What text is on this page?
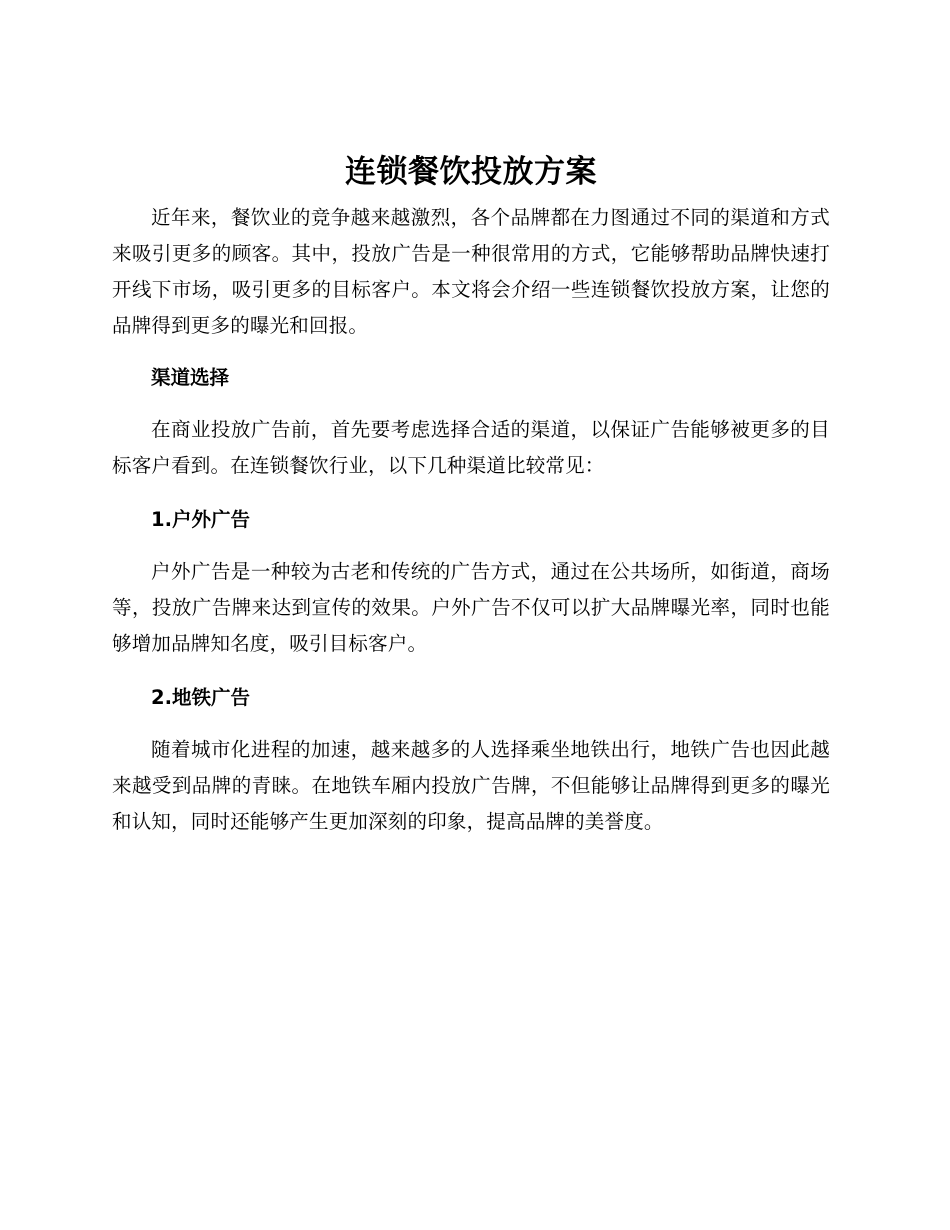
连锁餐饮投放方案

近年来，餐饮业的竞争越来越激烈，各个品牌都在力图通过不同的渠道和方式来吸引更多的顾客。其中，投放广告是一种很常用的方式，它能够帮助品牌快速打开线下市场，吸引更多的目标客户。本文将会介绍一些连锁餐饮投放方案，让您的品牌得到更多的曝光和回报。

渠道选择

在商业投放广告前，首先要考虑选择合适的渠道，以保证广告能够被更多的目标客户看到。在连锁餐饮行业，以下几种渠道比较常见：

1.户外广告

户外广告是一种较为古老和传统的广告方式，通过在公共场所，如街道，商场等，投放广告牌来达到宣传的效果。户外广告不仅可以扩大品牌曝光率，同时也能够增加品牌知名度，吸引目标客户。

2.地铁广告

随着城市化进程的加速，越来越多的人选择乘坐地铁出行，地铁广告也因此越来越受到品牌的青睐。在地铁车厢内投放广告牌，不但能够让品牌得到更多的曝光和认知，同时还能够产生更加深刻的印象，提高品牌的美誉度。
